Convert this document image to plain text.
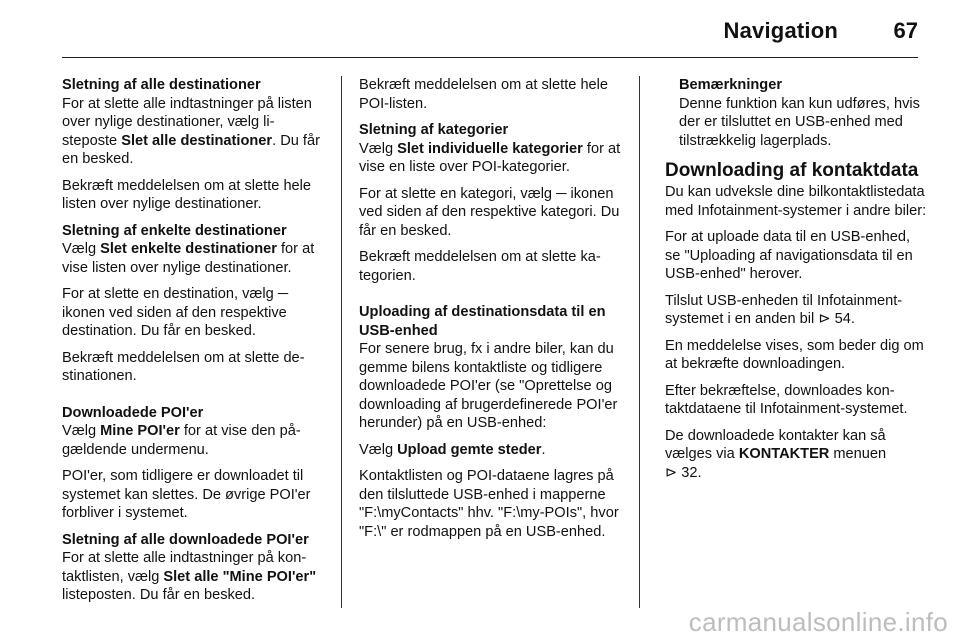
Navigation	67
Sletning af alle destinationer

For at slette alle indtastninger på listen over nylige destinationer, vælg listeposte Slet alle destinationer. Du får en besked.

Bekræft meddelelsen om at slette hele listen over nylige destinationer.

Sletning af enkelte destinationer

Vælg Slet enkelte destinationer for at vise listen over nylige destinationer.

For at slette en destination, vælg ─ ikonen ved siden af den respektive destination. Du får en besked.

Bekræft meddelelsen om at slette destinationen.

Downloadede POI'er

Vælg Mine POI'er for at vise den pågældende undermenu.

POI'er, som tidligere er downloadet til systemet kan slettes. De øvrige POI'er forbliver i systemet.

Sletning af alle downloadede POI'er

For at slette alle indtastninger på kontaktlisten, vælg Slet alle "Mine POI'er" listeposten. Du får en besked.

Bekræft meddelelsen om at slette hele POI-listen.

Sletning af kategorier

Vælg Slet individuelle kategorier for at vise en liste over POI-kategorier.

For at slette en kategori, vælg ─ ikonen ved siden af den respektive kategori. Du får en besked.

Bekræft meddelelsen om at slette kategorien.

Uploading af destinationsdata til en USB-enhed

For senere brug, fx i andre biler, kan du gemme bilens kontaktliste og tidligere downloadede POI'er (se "Oprettelse og downloading af brugerdefinerede POI'er herunder) på en USB-enhed:

Vælg Upload gemte steder.

Kontaktlisten og POI-dataene lagres på den tilsluttede USB-enhed i mapperne "F:\myContacts" hhv. "F:\my-POIs", hvor "F:\" er rodmappen på en USB-enhed.

Bemærkninger
Denne funktion kan kun udføres, hvis der er tilsluttet en USB-enhed med tilstrækkelig lagerplads.
Downloading af kontaktdata

Du kan udveksle dine bilkontaktlistedata med Infotainment-systemer i andre biler:

For at uploade data til en USB-enhed, se "Uploading af navigationsdata til en USB-enhed" herover.

Tilslut USB-enheden til Infotainment-systemet i en anden bil ⊳ 54.

En meddelelse vises, som beder dig om at bekræfte downloadingen.

Efter bekræftelse, downloades kontaktdataene til Infotainment-systemet.

De downloadede kontakter kan så vælges via KONTAKTER menuen
⊳ 32.

carmanualsonline.info
